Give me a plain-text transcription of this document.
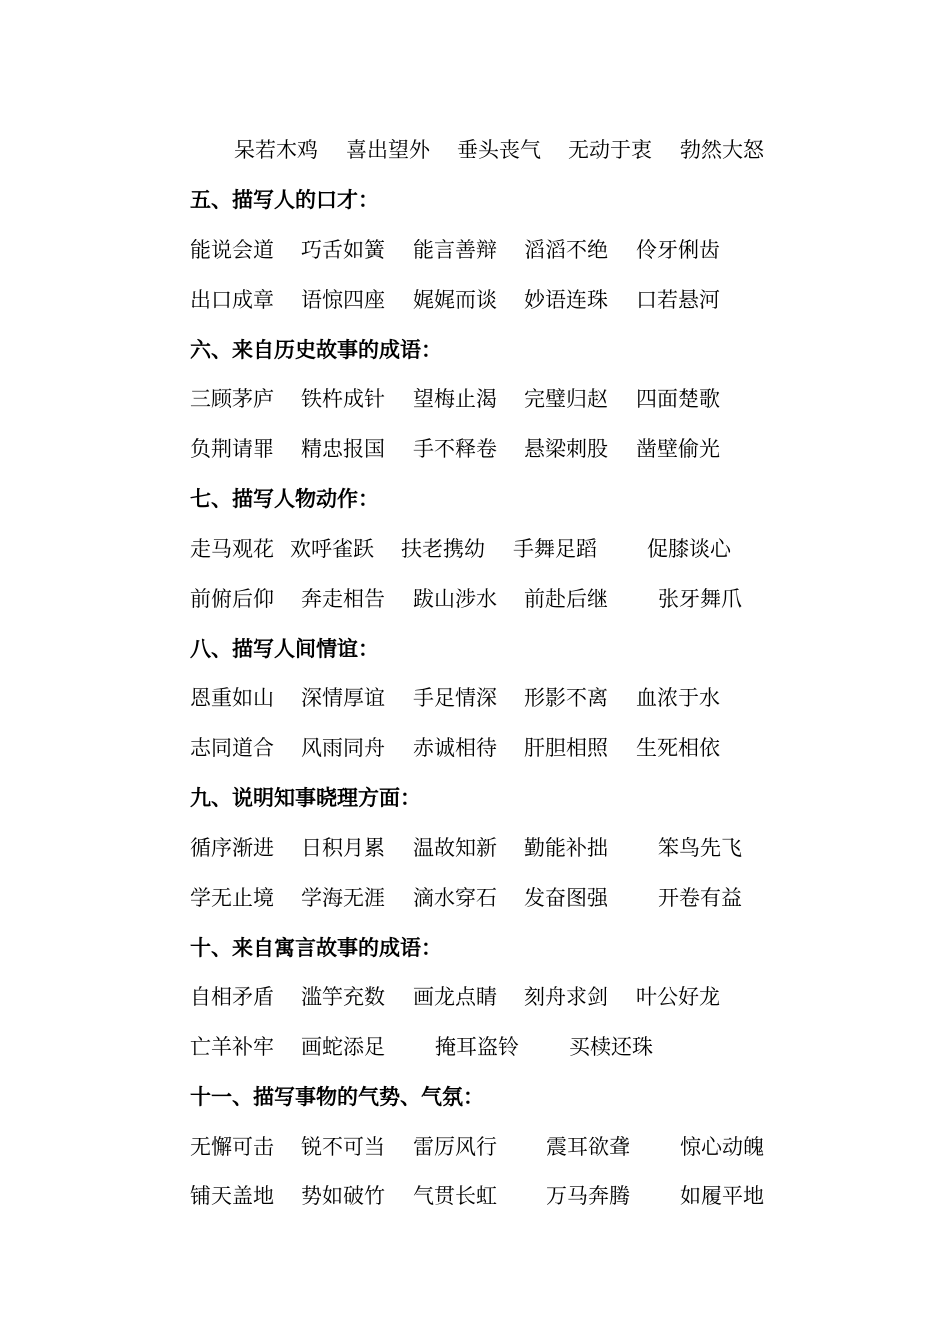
呆若木鸡 喜出望外 垂头丧气 无动于衷 勃然大怒
五、描写人的口才：
能说会道 巧舌如簧 能言善辩 滔滔不绝 伶牙俐齿
出口成章 语惊四座 娓娓而谈 妙语连珠 口若悬河
六、来自历史故事的成语：
三顾茅庐 铁杵成针 望梅止渴 完璧归赵 四面楚歌
负荆请罪 精忠报国 手不释卷 悬梁刺股 凿壁偷光
七、描写人物动作：
走马观花 欢呼雀跃 扶老携幼 手舞足蹈 促膝谈心
前俯后仰 奔走相告 跋山涉水 前赴后继 张牙舞爪
八、描写人间情谊：
恩重如山 深情厚谊 手足情深 形影不离 血浓于水
志同道合 风雨同舟 赤诚相待 肝胆相照 生死相依
九、说明知事晓理方面：
循序渐进 日积月累 温故知新 勤能补拙 笨鸟先飞
学无止境 学海无涯 滴水穿石 发奋图强 开卷有益
十、来自寓言故事的成语：
自相矛盾 滥竽充数 画龙点睛 刻舟求剑 叶公好龙
亡羊补牢 画蛇添足 掩耳盗铃 买椟还珠
十一、描写事物的气势、气氛：
无懈可击 锐不可当 雷厉风行 震耳欲聋 惊心动魄
铺天盖地 势如破竹 气贯长虹 万马奔腾 如履平地
